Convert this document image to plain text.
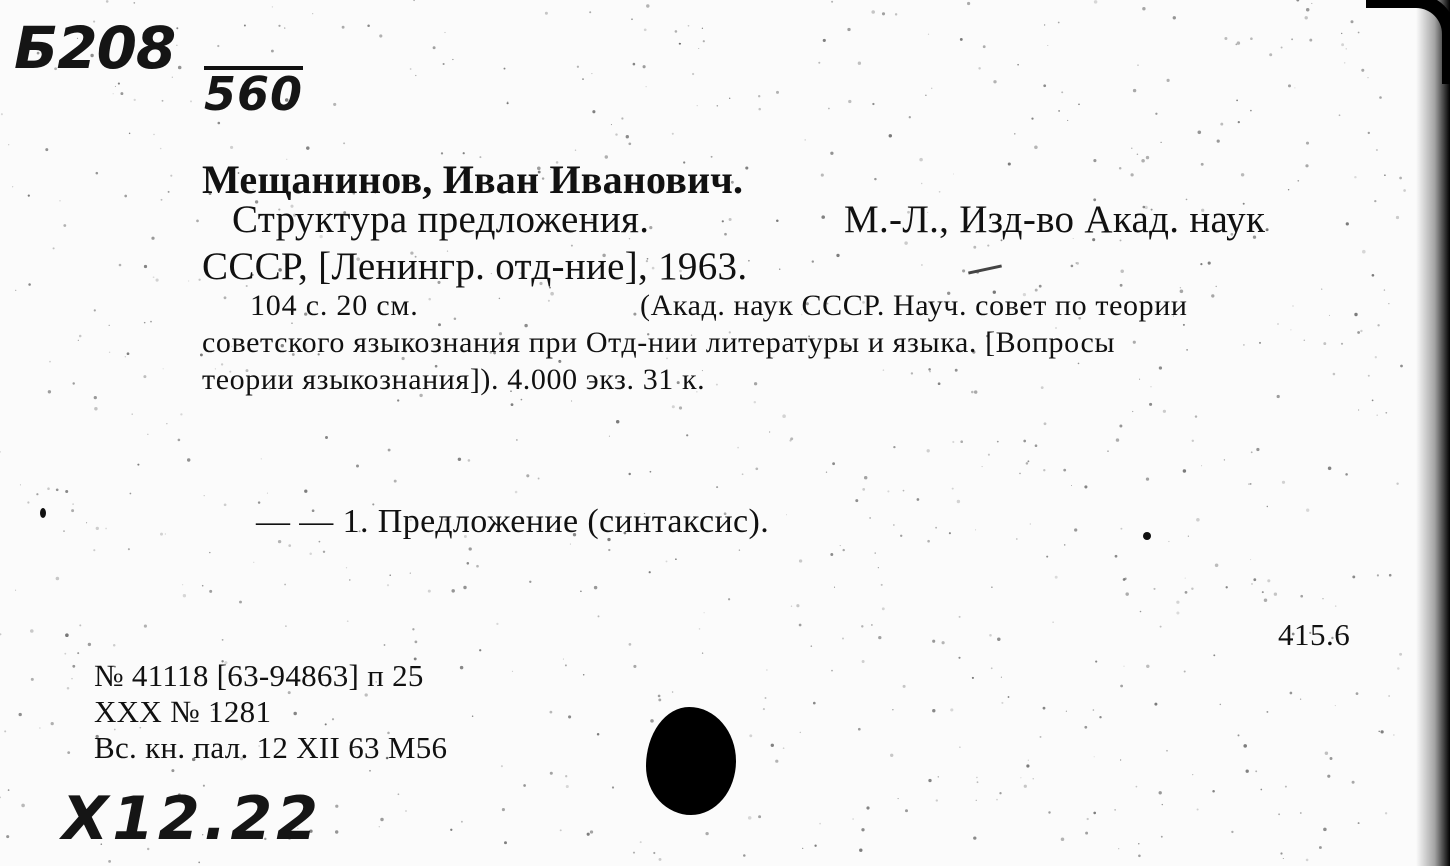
Б208
560
Мещанинов, Иван Иванович.
Структура предложения.	М.-Л., Изд-во Акад. наук
СССР, [Ленингр. отд-ние], 1963.
104 с. 20 см.	(Акад. наук СССР. Науч. совет по теории
советского языкознания при Отд-нии литературы и языка. [Вопросы
теории языкознания]). 4.000 экз. 31 к.
— — 1. Предложение (синтаксис).
415.6
№ 41118 [63-94863] п 25
XXX № 1281
Вс. кн. пал. 12 XII 63 M56
Х12.22
